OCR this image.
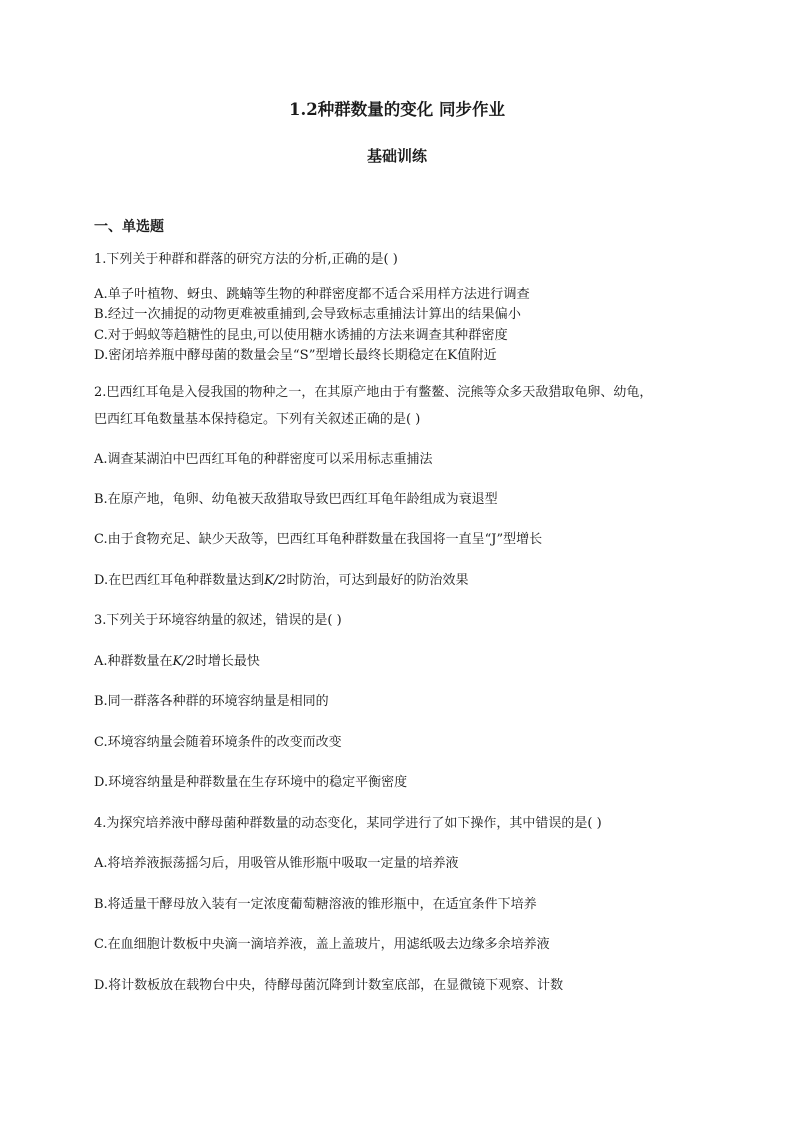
1.2种群数量的变化 同步作业
基础训练
一、单选题
1.下列关于种群和群落的研究方法的分析,正确的是( )
A.单子叶植物、蚜虫、跳蝻等生物的种群密度都不适合采用样方法进行调查
B.经过一次捕捉的动物更难被重捕到,会导致标志重捕法计算出的结果偏小
C.对于蚂蚁等趋糖性的昆虫,可以使用糖水诱捕的方法来调查其种群密度
D.密闭培养瓶中酵母菌的数量会呈“S”型增长最终长期稳定在K值附近
2.巴西红耳龟是入侵我国的物种之一，在其原产地由于有鳖鳌、浣熊等众多天敌猎取龟卵、幼龟，
巴西红耳龟数量基本保持稳定。下列有关叙述正确的是( )
A.调查某湖泊中巴西红耳龟的种群密度可以采用标志重捕法
B.在原产地，龟卵、幼龟被天敌猎取导致巴西红耳龟年龄组成为衰退型
C.由于食物充足、缺少天敌等，巴西红耳龟种群数量在我国将一直呈“J”型增长
D.在巴西红耳龟种群数量达到K/2时防治，可达到最好的防治效果
3.下列关于环境容纳量的叙述，错误的是( )
A.种群数量在K/2时增长最快
B.同一群落各种群的环境容纳量是相同的
C.环境容纳量会随着环境条件的改变而改变
D.环境容纳量是种群数量在生存环境中的稳定平衡密度
4.为探究培养液中酵母菌种群数量的动态变化，某同学进行了如下操作，其中错误的是( )
A.将培养液振荡摇匀后，用吸管从锥形瓶中吸取一定量的培养液
B.将适量干酵母放入装有一定浓度葡萄糖溶液的锥形瓶中，在适宜条件下培养
C.在血细胞计数板中央滴一滴培养液，盖上盖玻片，用滤纸吸去边缘多余培养液
D.将计数板放在载物台中央，待酵母菌沉降到计数室底部，在显微镜下观察、计数
